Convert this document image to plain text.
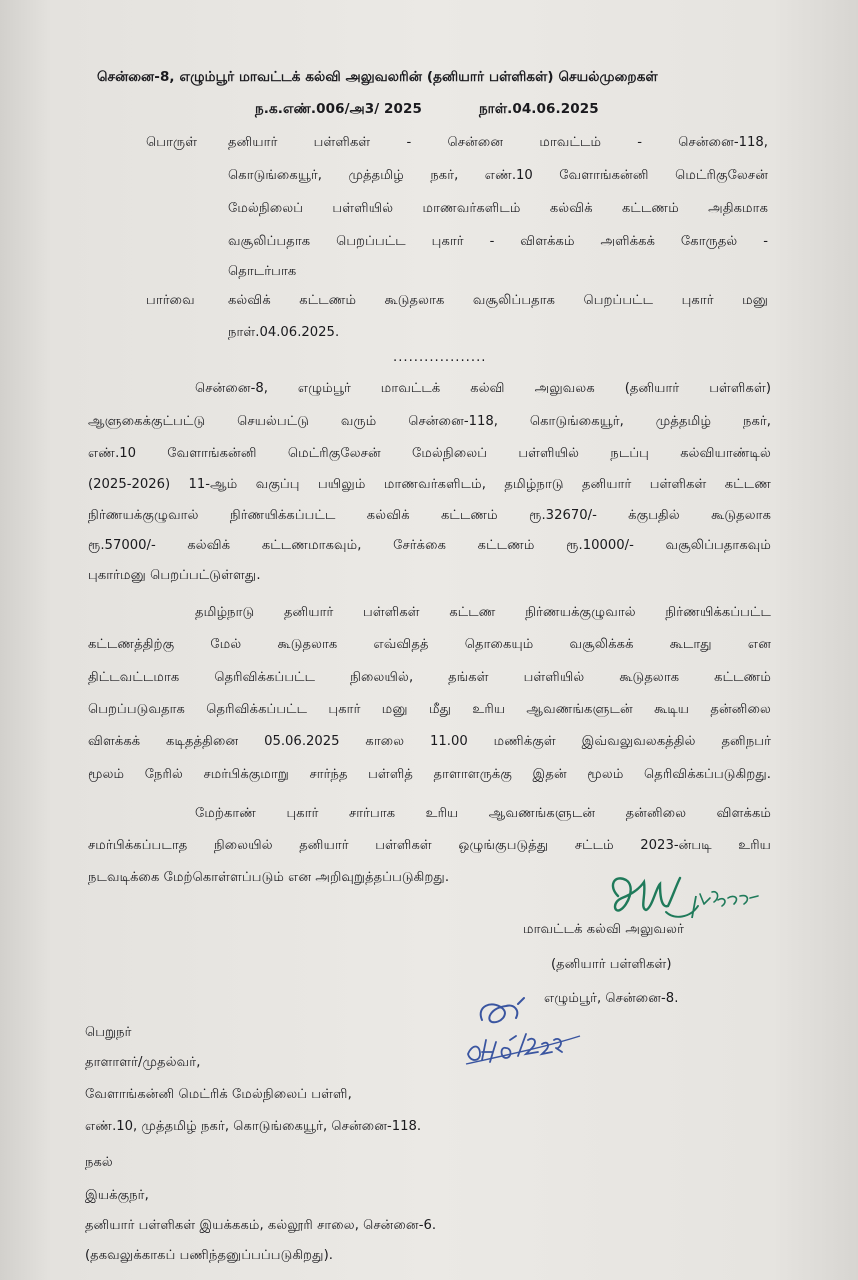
சென்னை-8, எழும்பூர் மாவட்டக் கல்வி அலுவலரின் (தனியார் பள்ளிகள்) செயல்முறைகள்
ந.க.எண்.006/அ3/ 2025	நாள்.04.06.2025
பொருள் தனியார் பள்ளிகள் - சென்னை மாவட்டம் - சென்னை-118,
கொடுங்கையூர், முத்தமிழ் நகர், எண்.10 வேளாங்கன்னி மெட்ரிகுலேசன்
மேல்நிலைப் பள்ளியில் மாணவர்களிடம் கல்விக் கட்டணம் அதிகமாக
வசூலிப்பதாக பெறப்பட்ட புகார் - விளக்கம் அளிக்கக் கோருதல் -
தொடர்பாக
பார்வை	கல்விக் கட்டணம் கூடுதலாக வசூலிப்பதாக பெறப்பட்ட புகார் மனு
நாள்.04.06.2025.
..................
சென்னை-8, எழும்பூர் மாவட்டக் கல்வி அலுவலக (தனியார் பள்ளிகள்)
ஆளுகைக்குட்பட்டு செயல்பட்டு வரும் சென்னை-118, கொடுங்கையூர், முத்தமிழ் நகர்,
எண்.10 வேளாங்கன்னி மெட்ரிகுலேசன் மேல்நிலைப் பள்ளியில் நடப்பு கல்வியாண்டில்
(2025-2026) 11-ஆம் வகுப்பு பயிலும் மாணவர்களிடம், தமிழ்நாடு தனியார் பள்ளிகள் கட்டண
நிர்ணயக்குழுவால் நிர்ணயிக்கப்பட்ட கல்விக் கட்டணம் ரூ.32670/- க்குபதில் கூடுதலாக
ரூ.57000/- கல்விக் கட்டணமாகவும், சேர்க்கை கட்டணம் ரூ.10000/- வசூலிப்பதாகவும்
புகார்மனு பெறப்பட்டுள்ளது.
தமிழ்நாடு தனியார் பள்ளிகள் கட்டண நிர்ணயக்குழுவால் நிர்ணயிக்கப்பட்ட
கட்டணத்திற்கு மேல் கூடுதலாக எவ்விதத் தொகையும் வசூலிக்கக் கூடாது என
திட்டவட்டமாக தெரிவிக்கப்பட்ட நிலையில், தங்கள் பள்ளியில் கூடுதலாக கட்டணம்
பெறப்படுவதாக தெரிவிக்கப்பட்ட புகார் மனு மீது உரிய ஆவணங்களுடன் கூடிய தன்னிலை
விளக்கக் கடிதத்தினை 05.06.2025 காலை 11.00 மணிக்குள் இவ்வலுவலகத்தில் தனிநபர்
மூலம் நேரில் சமர்பிக்குமாறு சார்ந்த பள்ளித் தாளாளருக்கு இதன் மூலம் தெரிவிக்கப்படுகிறது.
மேற்காண் புகார் சார்பாக உரிய ஆவணங்களுடன் தன்னிலை விளக்கம்
சமர்பிக்கப்படாத நிலையில் தனியார் பள்ளிகள் ஒழுங்குபடுத்து சட்டம் 2023-ன்படி உரிய
நடவடிக்கை மேற்கொள்ளப்படும் என அறிவுறுத்தப்படுகிறது.
மாவட்டக் கல்வி அலுவலர்
(தனியார் பள்ளிகள்)
எழும்பூர், சென்னை-8.
பெறுநர்
தாளாளர்/முதல்வர்,
வேளாங்கன்னி மெட்ரிக் மேல்நிலைப் பள்ளி,
எண்.10, முத்தமிழ் நகர், கொடுங்கையூர், சென்னை-118.
நகல்
இயக்குநர்,
தனியார் பள்ளிகள் இயக்ககம், கல்லூரி சாலை, சென்னை-6.
(தகவலுக்காகப் பணிந்தனுப்பப்படுகிறது).
